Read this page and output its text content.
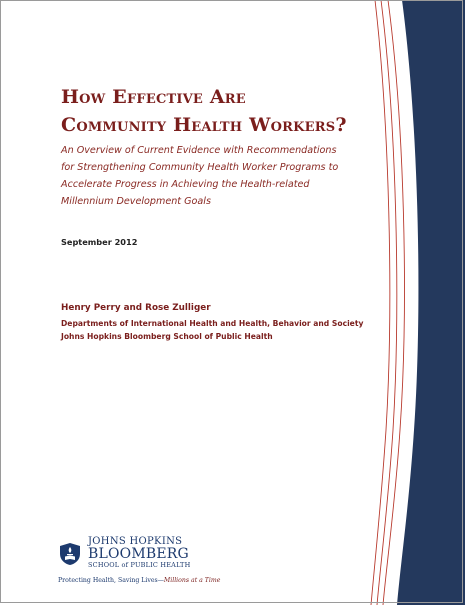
How Effective Are
Community Health Workers?

An Overview of Current Evidence with Recommendations
for Strengthening Community Health Worker Programs to
Accelerate Progress in Achieving the Health-related
Millennium Development Goals

September 2012
Henry Perry and Rose Zulliger
Departments of International Health and Health, Behavior and Society
Johns Hopkins Bloomberg School of Public Health
JOHNS HOPKINS
BLOOMBERG
SCHOOL of PUBLIC HEALTH
Protecting Health, Saving Lives—Millions at a Time
